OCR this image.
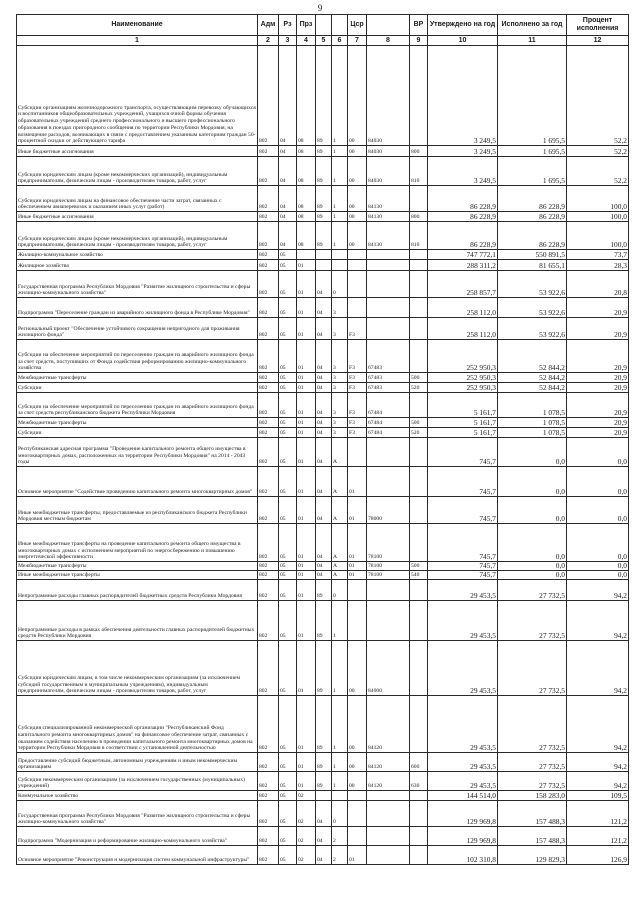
9
Наименование	Адм	Рз	Прз			Цср		ВР	Утверждено на год	Исполнено за год	Процент исполнения
1	2	3	4	5	6	7	8	9	10	11	12
Субсидии организациям железнодорожного транспорта, осуществляющим перевозку обучающихся и воспитанников общеобразовательных учреждений, учащихся очной формы обучения образовательных учреждений среднего профессионального и высшего профессионального образования в поездах пригородного сообщения по территории Республики Мордовия, на возмещение расходов, возникающих в связи с предоставлением указанным категориям граждан 50-процентной скидки от действующего тарифа	802	04	08	89	1	00	84030		3 249,5	1 695,5	52,2
Иные бюджетные ассигнования	802	04	08	89	1	00	84030	800	3 249,5	1 695,5	52,2
Субсидии юридическим лицам (кроме некоммерческих организаций), индивидуальным предпринимателям, физическим лицам - производителям товаров, работ, услуг	802	04	08	89	1	00	84030	810	3 249,5	1 695,5	52,2
Субсидии юридическим лицам на финансовое обеспечение части затрат, связанных с обеспечением авиаперевозок и оказанием иных услуг (работ)	802	04	08	89	1	00	84130		86 228,9	86 228,9	100,0
Иные бюджетные ассигнования	802	04	08	89	1	00	84130	800	86 228,9	86 228,9	100,0
Субсидии юридическим лицам (кроме некоммерческих организаций), индивидуальным предпринимателям, физическим лицам - производителям товаров, работ, услуг	802	04	08	89	1	00	84130	810	86 228,9	86 228,9	100,0
Жилищно-коммунальное хозяйство	802	05							747 772,1	550 891,5	73,7
Жилищное хозяйство	802	05	01						288 311,2	81 655,1	28,3
Государственная программа Республики Мордовия "Развитие жилищного строительства и сферы жилищно-коммунального хозяйства"	802	05	01	04	0				258 857,7	53 922,6	20,8
Подпрограмма "Переселение граждан из аварийного жилищного фонда в Республике Мордовия"	802	05	01	04	3				258 112,0	53 922,6	20,9
Региональный проект "Обеспечение устойчивого сокращения непригодного для проживания жилищного фонда"	802	05	01	04	3	F3			258 112,0	53 922,6	20,9
Субсидии на обеспечение мероприятий по переселению граждан из аварийного жилищного фонда за счет средств, поступивших от Фонда содействия реформированию жилищно-коммунального хозяйства	802	05	01	04	3	F3	67483		252 950,3	52 844,2	20,9
Межбюджетные трансферты	802	05	01	04	3	F3	67483	500	252 950,3	52 844,2	20,9
Субсидии	802	05	01	04	3	F3	67483	520	252 950,3	52 844,2	20,9
Субсидии на обеспечение мероприятий по переселению граждан из аварийного жилищного фонда за счет средств республиканского бюджета Республики Мордовия	802	05	01	04	3	F3	67484		5 161,7	1 078,5	20,9
Межбюджетные трансферты	802	05	01	04	3	F3	67484	500	5 161,7	1 078,5	20,9
Субсидии	802	05	01	04	3	F3	67484	520	5 161,7	1 078,5	20,9
Республиканская адресная программа "Проведение капитального ремонта общего имущества в многоквартирных домах, расположенных на территории Республики Мордовия" на 2014 - 2043 годы	802	05	01	04	A				745,7	0,0	0,0
Основное мероприятие "Содействие проведению капитального ремонта многоквартирных домов"	802	05	01	04	A	01			745,7	0,0	0,0
Иные межбюджетные трансферты, предоставляемые из республиканского бюджета Республики Мордовия местным бюджетам	802	05	01	04	A	01	78000		745,7	0,0	0,0
Иные межбюджетные трансферты на проведение капитального ремонта общего имущества в многоквартирных домах с исполнением мероприятий по энергосбережению и повышению энергетической эффективности	802	05	01	04	A	01	78100		745,7	0,0	0,0
Межбюджетные трансферты	802	05	01	04	A	01	78100	500	745,7	0,0	0,0
Иные межбюджетные трансферты	802	05	01	04	A	01	78100	540	745,7	0,0	0,0
Непрограммные расходы главных распорядителей бюджетных средств Республики Мордовия	802	05	01	89	0				29 453,5	27 732,5	94,2
Непрограммные расходы в рамках обеспечения деятельности главных распорядителей бюджетных средств Республики Мордовия	802	05	01	89	1				29 453,5	27 732,5	94,2
Субсидии юридическим лицам, в том числе некоммерческим организациям (за исключением субсидий государственным и муниципальным учреждениям), индивидуальным предпринимателям, физическим лицам - производителям товаров, работ, услуг	802	05	01	89	1	00	84000		29 453,5	27 732,5	94,2
Субсидия специализированной некоммерческой организации "Республиканский Фонд капитального ремонта многоквартирных домов" на финансовое обеспечение затрат, связанных с оказанием содействия населению в проведении капитального ремонта многоквартирных домов на территории Республики Мордовия в соответствии с установленной деятельностью	802	05	01	89	1	00	84120		29 453,5	27 732,5	94,2
Предоставление субсидий бюджетным, автономным учреждениям и иным некоммерческим организациям	802	05	01	89	1	00	84120	600	29 453,5	27 732,5	94,2
Субсидии некоммерческим организациям (за исключением государственных (муниципальных) учреждений)	802	05	01	89	1	00	84120	630	29 453,5	27 732,5	94,2
Коммунальное хозяйство	802	05	02						144 514,0	158 283,0	109,5
Государственная программа Республики Мордовия "Развитие жилищного строительства и сферы жилищно-коммунального хозяйства"	802	05	02	04	0				129 969,8	157 488,3	121,2
Подпрограмма "Модернизация и реформирование жилищно-коммунального хозяйства"	802	05	02	04	2				129 969,8	157 488,3	121,2
Основное мероприятие "Реконструкция и модернизация систем коммунальной инфраструктуры"	802	05	02	04	2	01			102 310,8	129 829,3	126,9
